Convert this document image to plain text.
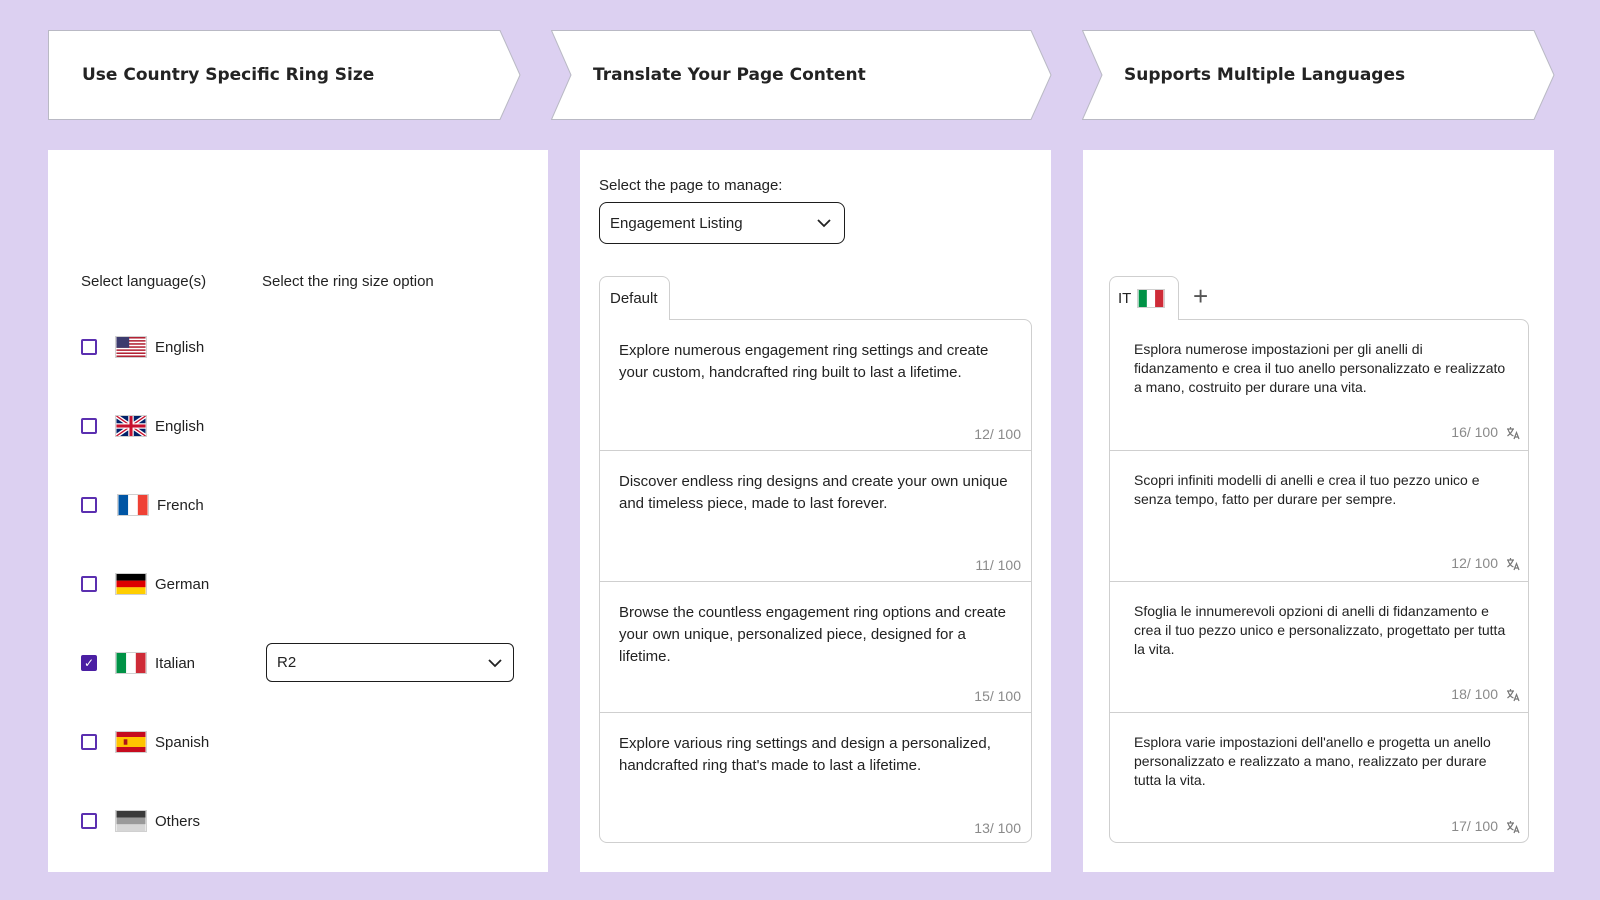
Use Country Specific Ring Size	Translate Your Page Content	Supports Multiple Languages
Select language(s)	Select the ring size option
English
English
French
German
✓	Italian	R2
Spanish
Others
Select the page to manage:
Engagement Listing
Explore numerous engagement ring settings and create your custom, handcrafted ring built to last a lifetime.
12/ 100
Discover endless ring designs and create your own unique and timeless piece, made to last forever.
11/ 100
Browse the countless engagement ring options and create your own unique, personalized piece, designed for a lifetime.
15/ 100
Explore various ring settings and design a personalized, handcrafted ring that's made to last a lifetime.
13/ 100
Default
Esplora numerose impostazioni per gli anelli di fidanzamento e crea il tuo anello personalizzato e realizzato a mano, costruito per durare una vita.
16/ 100
Scopri infiniti modelli di anelli e crea il tuo pezzo unico e senza tempo, fatto per durare per sempre.
12/ 100
Sfoglia le innumerevoli opzioni di anelli di fidanzamento e crea il tuo pezzo unico e personalizzato, progettato per tutta la vita.
18/ 100
Esplora varie impostazioni dell'anello e progetta un anello personalizzato e realizzato a mano, realizzato per durare tutta la vita.
17/ 100
IT +
